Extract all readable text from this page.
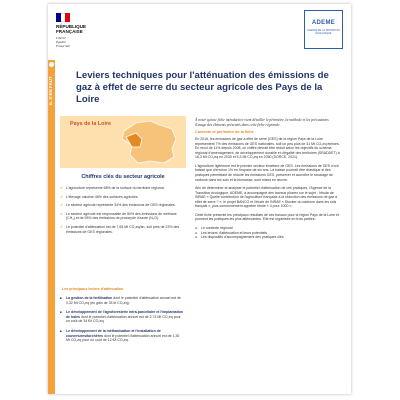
RÉPUBLIQUE FRANÇAISE
Liberté
Égalité
Fraternité
ADEME
AGENCE DE LA TRANSITION ÉCOLOGIQUE
IL S'EN FAUT
Leviers techniques pour l'atténuation des émissions de gaz à effet de serre du secteur agricole des Pays de la Loire
Pays de la Loire
Chiffres clés du secteur agricole
✓ L'agriculture représente 68% de la surface du territoire régional.
✓ L'élevage valorise 46% des surfaces agricoles.
✓ Le secteur agricole représente 34% des émissions de GES régionales.
✓ Le secteur agricole est responsable de 80% des émissions de méthane (CH₄) et de 95% des émissions de protoxyde d'azote (N₂O).
✓ Le potentiel d'atténuation est de 7,65 Mt CO₂eq/an, soit près de 23% des émissions de GES régionales.
Les principaux leviers d'atténuation
■ La gestion de la fertilisation dont le potentiel d'atténuation annuel est de 0,32 Mt CO₂eq (en gain de 33 kt CO₂eq).
■ Le développement de l'agroforesterie intra-parcellaire et l'implantation de haies dont le potentiel d'atténuation annuel est de 2,73 Mt CO₂eq pour un coût de 34 €/t CO₂eq.
■ Le développement de la méthanisation et l'installation de couvertures/torchères dont le potentiel d'atténuation annuel est de 1,30 Mt CO₂eq pour un coût de 12 €/t CO₂eq.

À noter qu'une fiche introductive vient détailler le périmètre, la méthode et les précautions d'usage des éléments présentés dans cette fiche régionale.

Contexte et périmètre de la fiche

En 2016, les émissions de gaz à effet de serre (GES) de la région Pays de la Loire représentent 7% des émissions de GES nationales, soit un peu plus de 31 Mt CO₂eq émises. En recul de 11% depuis 2008, ce chiffre devrait être réduit selon les objectifs du schéma régional d'aménagement, de développement durable et d'égalité des territoires (SRADDET) à 16,3 Mt CO₂eq en 2030 et 5,3 Mt CO₂eq en 2050 (DORCE, 2021).

L'agriculture ligérienne est le premier secteur émetteur de GES. Les émissions de GES n'ont baissé que d'environ 1% en l'espace de six ans. La baisse pourrait être drastique si des pratiques permettant de réduire les émissions GES, préserver et accroître le stockage de carbone dans les sols et la biomasse, sont mises en œuvre.

Afin de déterminer et analyser le potentiel d'atténuation de ces pratiques, l'Agence de la Transition écologique, ADEME, a accompagné des travaux phares sur le sujet : l'étude de INRAE « Quelle contribution de l'agriculture française à la réduction des émissions de gaz à effet de serre ? », le projet BANCO et l'étude de INRAE « Stocker du carbone dans les sols français », plus communément appelée étude « 4 pour 1000 ».

Cette fiche présente les principaux résultats de ces travaux pour la région Pays de la Loire et promeut les pratiques les plus atténuantes. Elle est organisée en trois parties :

➤ Le contexte régional
➤ Les leviers d'atténuation et leurs potentiels
➤ Les dispositifs d'accompagnement des pratiques clés
